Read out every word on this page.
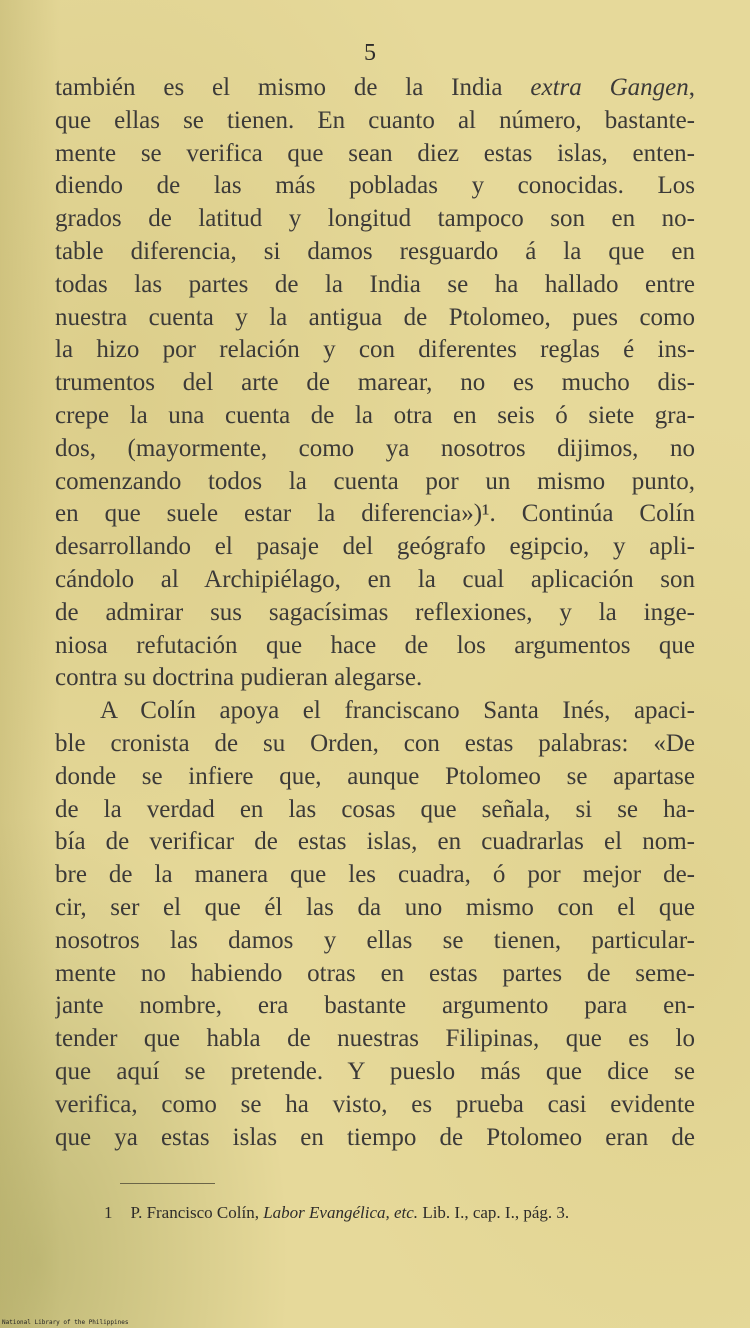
5
también es el mismo de la India extra Gangen,
que ellas se tienen. En cuanto al número, bastante-
mente se verifica que sean diez estas islas, enten-
diendo de las más pobladas y conocidas. Los
grados de latitud y longitud tampoco son en no-
table diferencia, si damos resguardo á la que en
todas las partes de la India se ha hallado entre
nuestra cuenta y la antigua de Ptolomeo, pues como
la hizo por relación y con diferentes reglas é ins-
trumentos del arte de marear, no es mucho dis-
crepe la una cuenta de la otra en seis ó siete gra-
dos, (mayormente, como ya nosotros dijimos, no
comenzando todos la cuenta por un mismo punto,
en que suele estar la diferencia»)¹. Continúa Colín
desarrollando el pasaje del geógrafo egipcio, y apli-
cándolo al Archipiélago, en la cual aplicación son
de admirar sus sagacísimas reflexiones, y la inge-
niosa refutación que hace de los argumentos que
contra su doctrina pudieran alegarse.
A Colín apoya el franciscano Santa Inés, apaci-
ble cronista de su Orden, con estas palabras: «De
donde se infiere que, aunque Ptolomeo se apartase
de la verdad en las cosas que señala, si se ha-
bía de verificar de estas islas, en cuadrarlas el nom-
bre de la manera que les cuadra, ó por mejor de-
cir, ser el que él las da uno mismo con el que
nosotros las damos y ellas se tienen, particular-
mente no habiendo otras en estas partes de seme-
jante nombre, era bastante argumento para en-
tender que habla de nuestras Filipinas, que es lo
que aquí se pretende. Y pueslo más que dice se
verifica, como se ha visto, es prueba casi evidente
que ya estas islas en tiempo de Ptolomeo eran de
1 P. Francisco Colín, Labor Evangélica, etc. Lib. I., cap. I., pág. 3.
National Library of the Philippines
